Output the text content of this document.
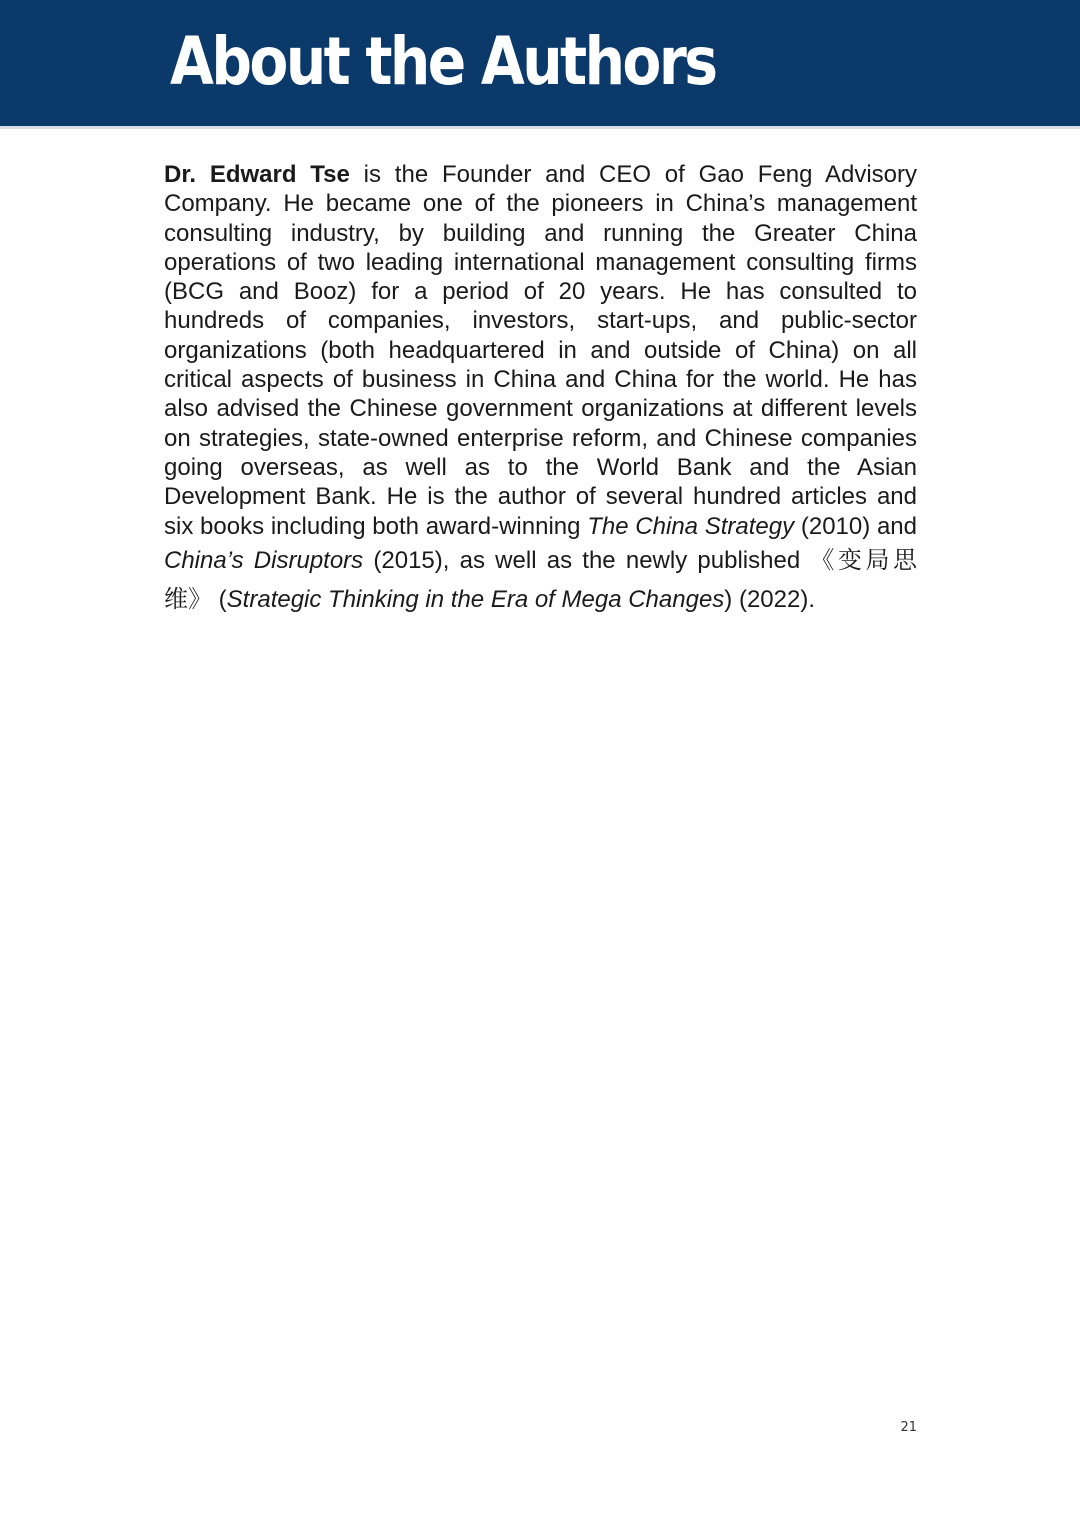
About the Authors

Dr. Edward Tse is the Founder and CEO of Gao Feng Advisory Company. He became one of the pioneers in China’s management consulting industry, by building and running the Greater China operations of two leading international management consulting firms (BCG and Booz) for a period of 20 years. He has consulted to hundreds of companies, investors, start-ups, and public-sector organizations (both headquartered in and outside of China) on all critical aspects of business in China and China for the world. He has also advised the Chinese government organizations at different levels on strategies, state-owned enterprise reform, and Chinese companies going overseas, as well as to the World Bank and the Asian Development Bank. He is the author of several hundred articles and six books including both award-winning The China Strategy (2010) and China’s Disruptors (2015), as well as the newly published 《变局思维》 (Strategic Thinking in the Era of Mega Changes) (2022).

21
